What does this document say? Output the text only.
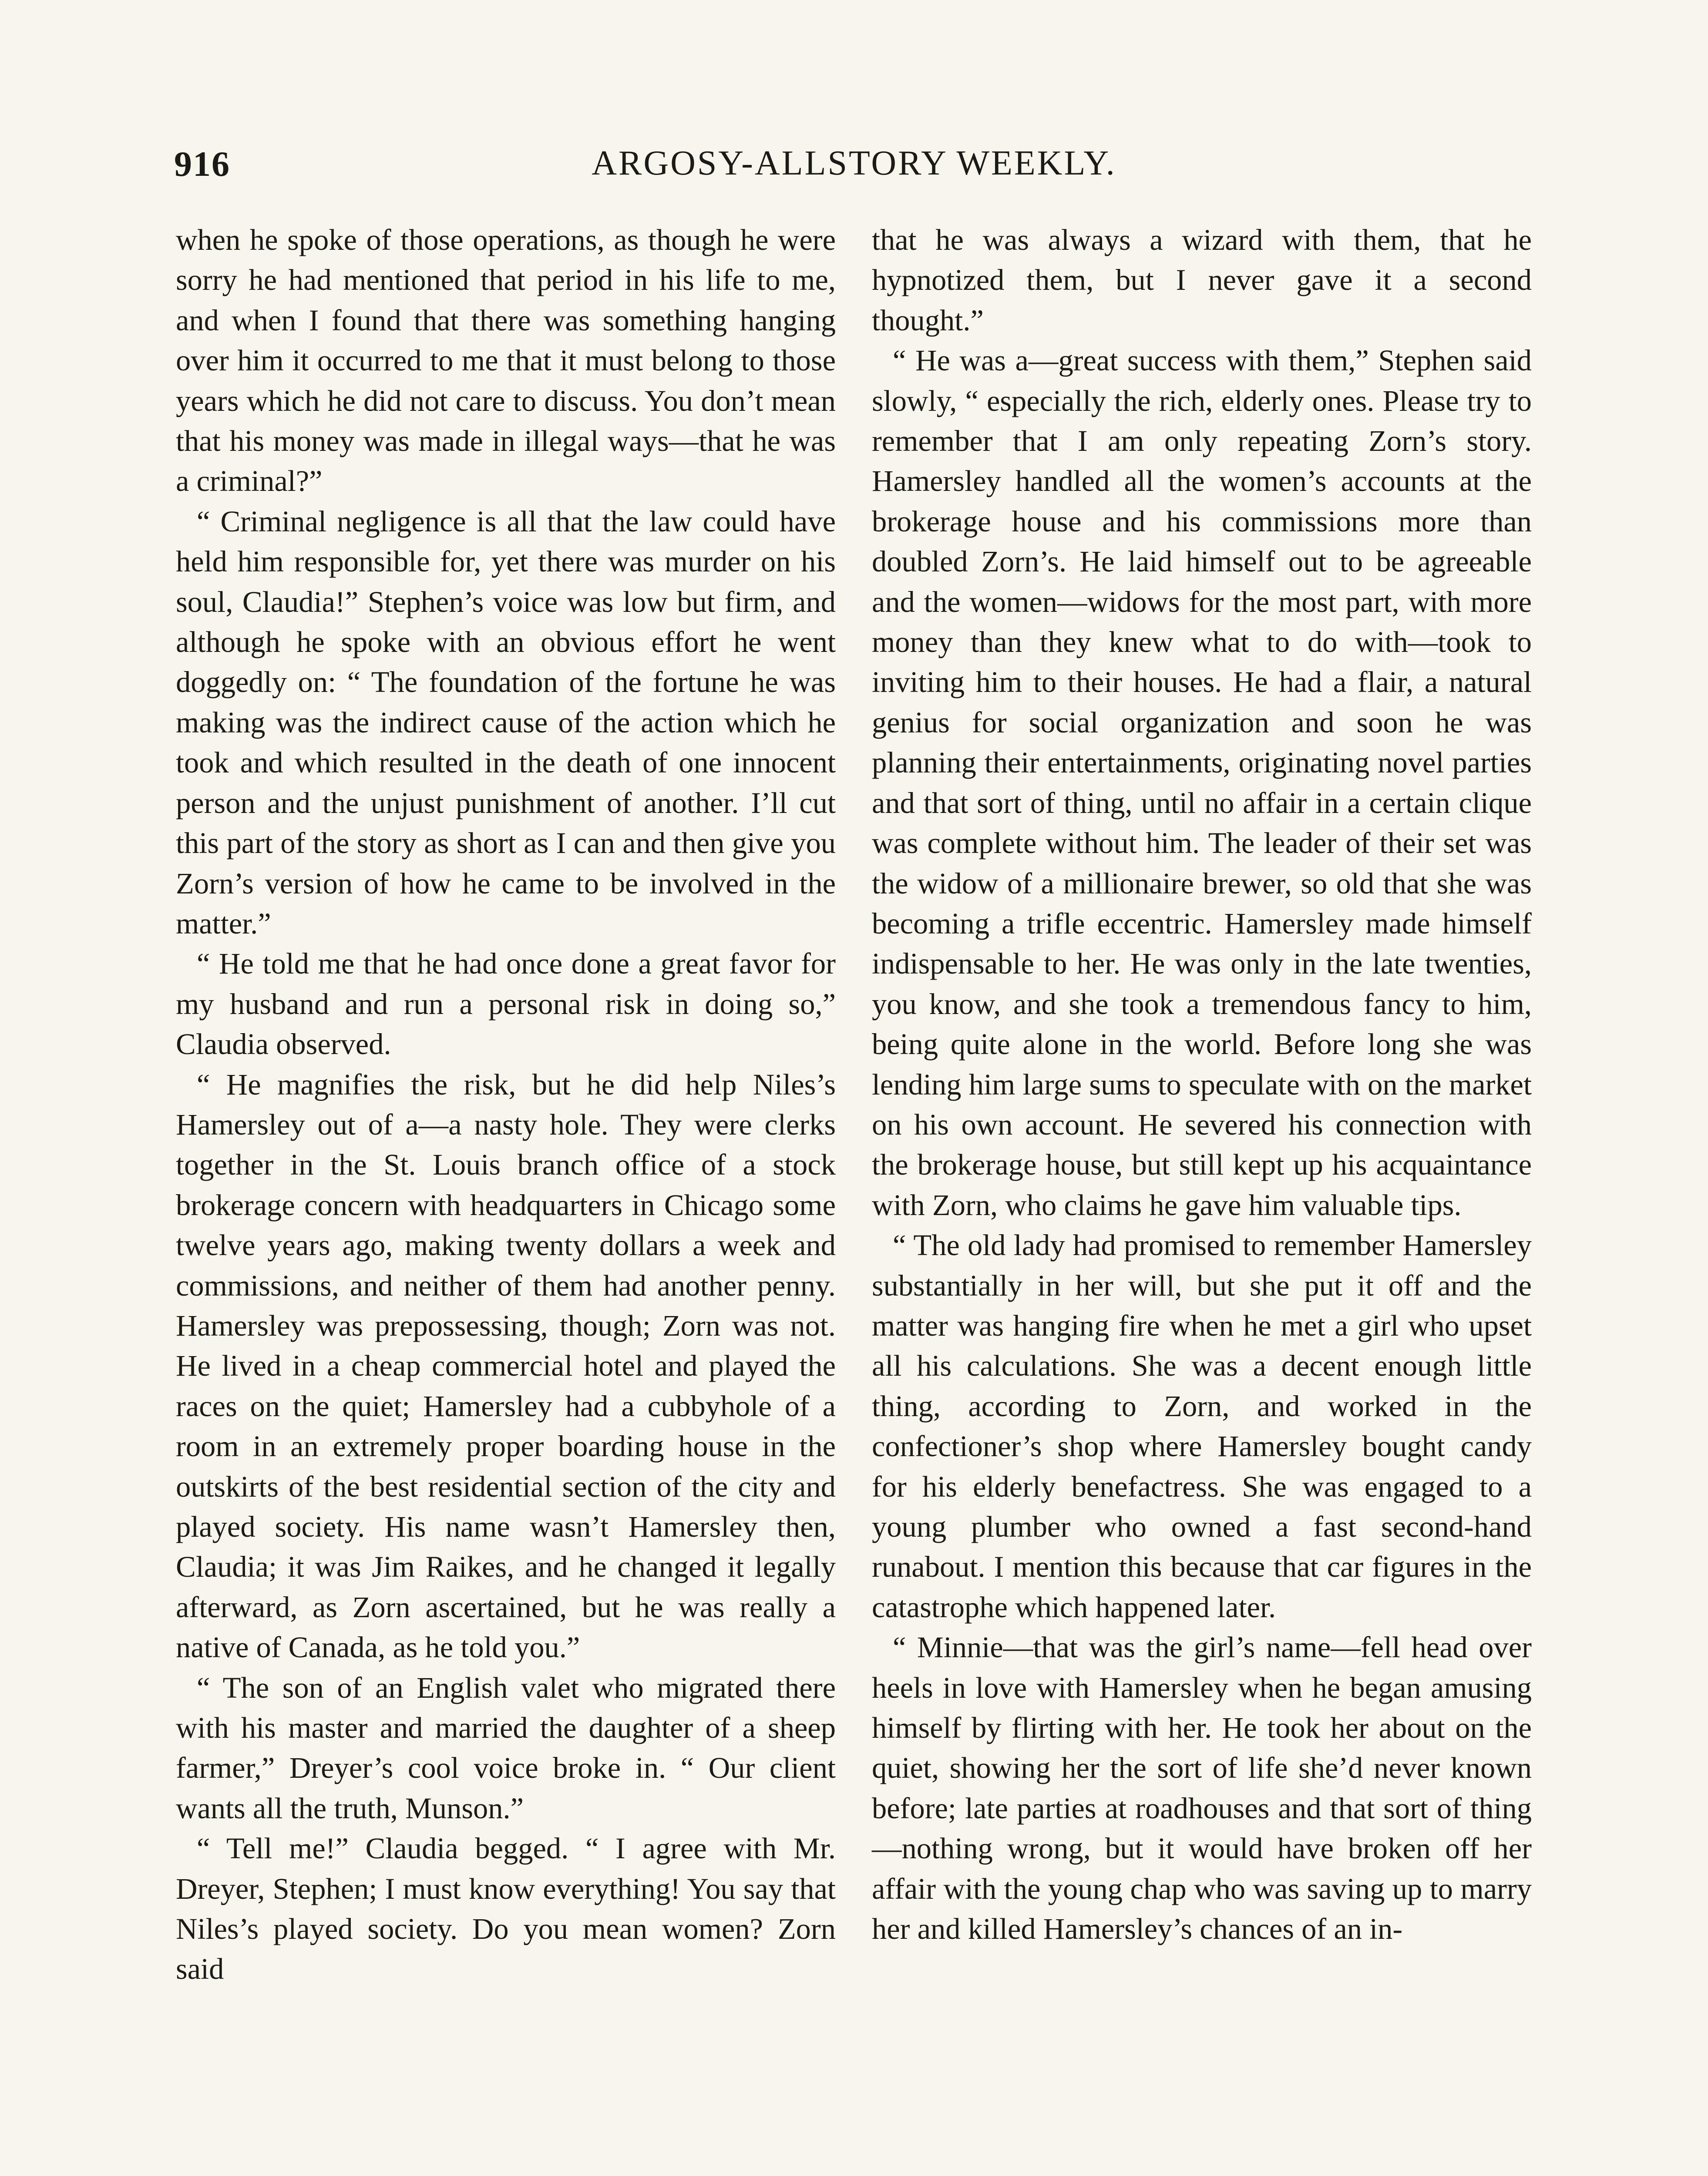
916	ARGOSY-ALLSTORY WEEKLY.

when he spoke of those operations, as though he were sorry he had mentioned that period in his life to me, and when I found that there was something hanging over him it occurred to me that it must belong to those years which he did not care to discuss. You don’t mean that his money was made in illegal ways—that he was a criminal?”

“ Criminal negligence is all that the law could have held him responsible for, yet there was murder on his soul, Claudia!” Stephen’s voice was low but firm, and although he spoke with an obvious effort he went doggedly on: “ The foundation of the fortune he was making was the indirect cause of the action which he took and which resulted in the death of one innocent person and the unjust punishment of another. I’ll cut this part of the story as short as I can and then give you Zorn’s version of how he came to be involved in the matter.”

“ He told me that he had once done a great favor for my husband and run a personal risk in doing so,” Claudia observed.

“ He magnifies the risk, but he did help Niles’s Hamersley out of a—a nasty hole. They were clerks together in the St. Louis branch office of a stock brokerage concern with headquarters in Chicago some twelve years ago, making twenty dollars a week and commissions, and neither of them had another penny. Hamersley was prepossessing, though; Zorn was not. He lived in a cheap commercial hotel and played the races on the quiet; Hamersley had a cubbyhole of a room in an extremely proper boarding house in the outskirts of the best residential section of the city and played society. His name wasn’t Hamersley then, Claudia; it was Jim Raikes, and he changed it legally afterward, as Zorn ascertained, but he was really a native of Canada, as he told you.”

“ The son of an English valet who migrated there with his master and married the daughter of a sheep farmer,” Dreyer’s cool voice broke in. “ Our client wants all the truth, Munson.”

“ Tell me!” Claudia begged. “ I agree with Mr. Dreyer, Stephen; I must know everything! You say that Niles’s played society. Do you mean women? Zorn said

that he was always a wizard with them, that he hypnotized them, but I never gave it a second thought.”

“ He was a—great success with them,” Stephen said slowly, “ especially the rich, elderly ones. Please try to remember that I am only repeating Zorn’s story. Hamersley handled all the women’s accounts at the brokerage house and his commissions more than doubled Zorn’s. He laid himself out to be agreeable and the women—widows for the most part, with more money than they knew what to do with—took to inviting him to their houses. He had a flair, a natural genius for social organization and soon he was planning their entertainments, originating novel parties and that sort of thing, until no affair in a certain clique was complete without him. The leader of their set was the widow of a millionaire brewer, so old that she was becoming a trifle eccentric. Hamersley made himself indispensable to her. He was only in the late twenties, you know, and she took a tremendous fancy to him, being quite alone in the world. Before long she was lending him large sums to speculate with on the market on his own account. He severed his connection with the brokerage house, but still kept up his acquaintance with Zorn, who claims he gave him valuable tips.

“ The old lady had promised to remember Hamersley substantially in her will, but she put it off and the matter was hanging fire when he met a girl who upset all his calculations. She was a decent enough little thing, according to Zorn, and worked in the confectioner’s shop where Hamersley bought candy for his elderly benefactress. She was engaged to a young plumber who owned a fast second-hand runabout. I mention this because that car figures in the catastrophe which happened later.

“ Minnie—that was the girl’s name—fell head over heels in love with Hamersley when he began amusing himself by flirting with her. He took her about on the quiet, showing her the sort of life she’d never known before; late parties at roadhouses and that sort of thing—nothing wrong, but it would have broken off her affair with the young chap who was saving up to marry her and killed Hamersley’s chances of an in-
